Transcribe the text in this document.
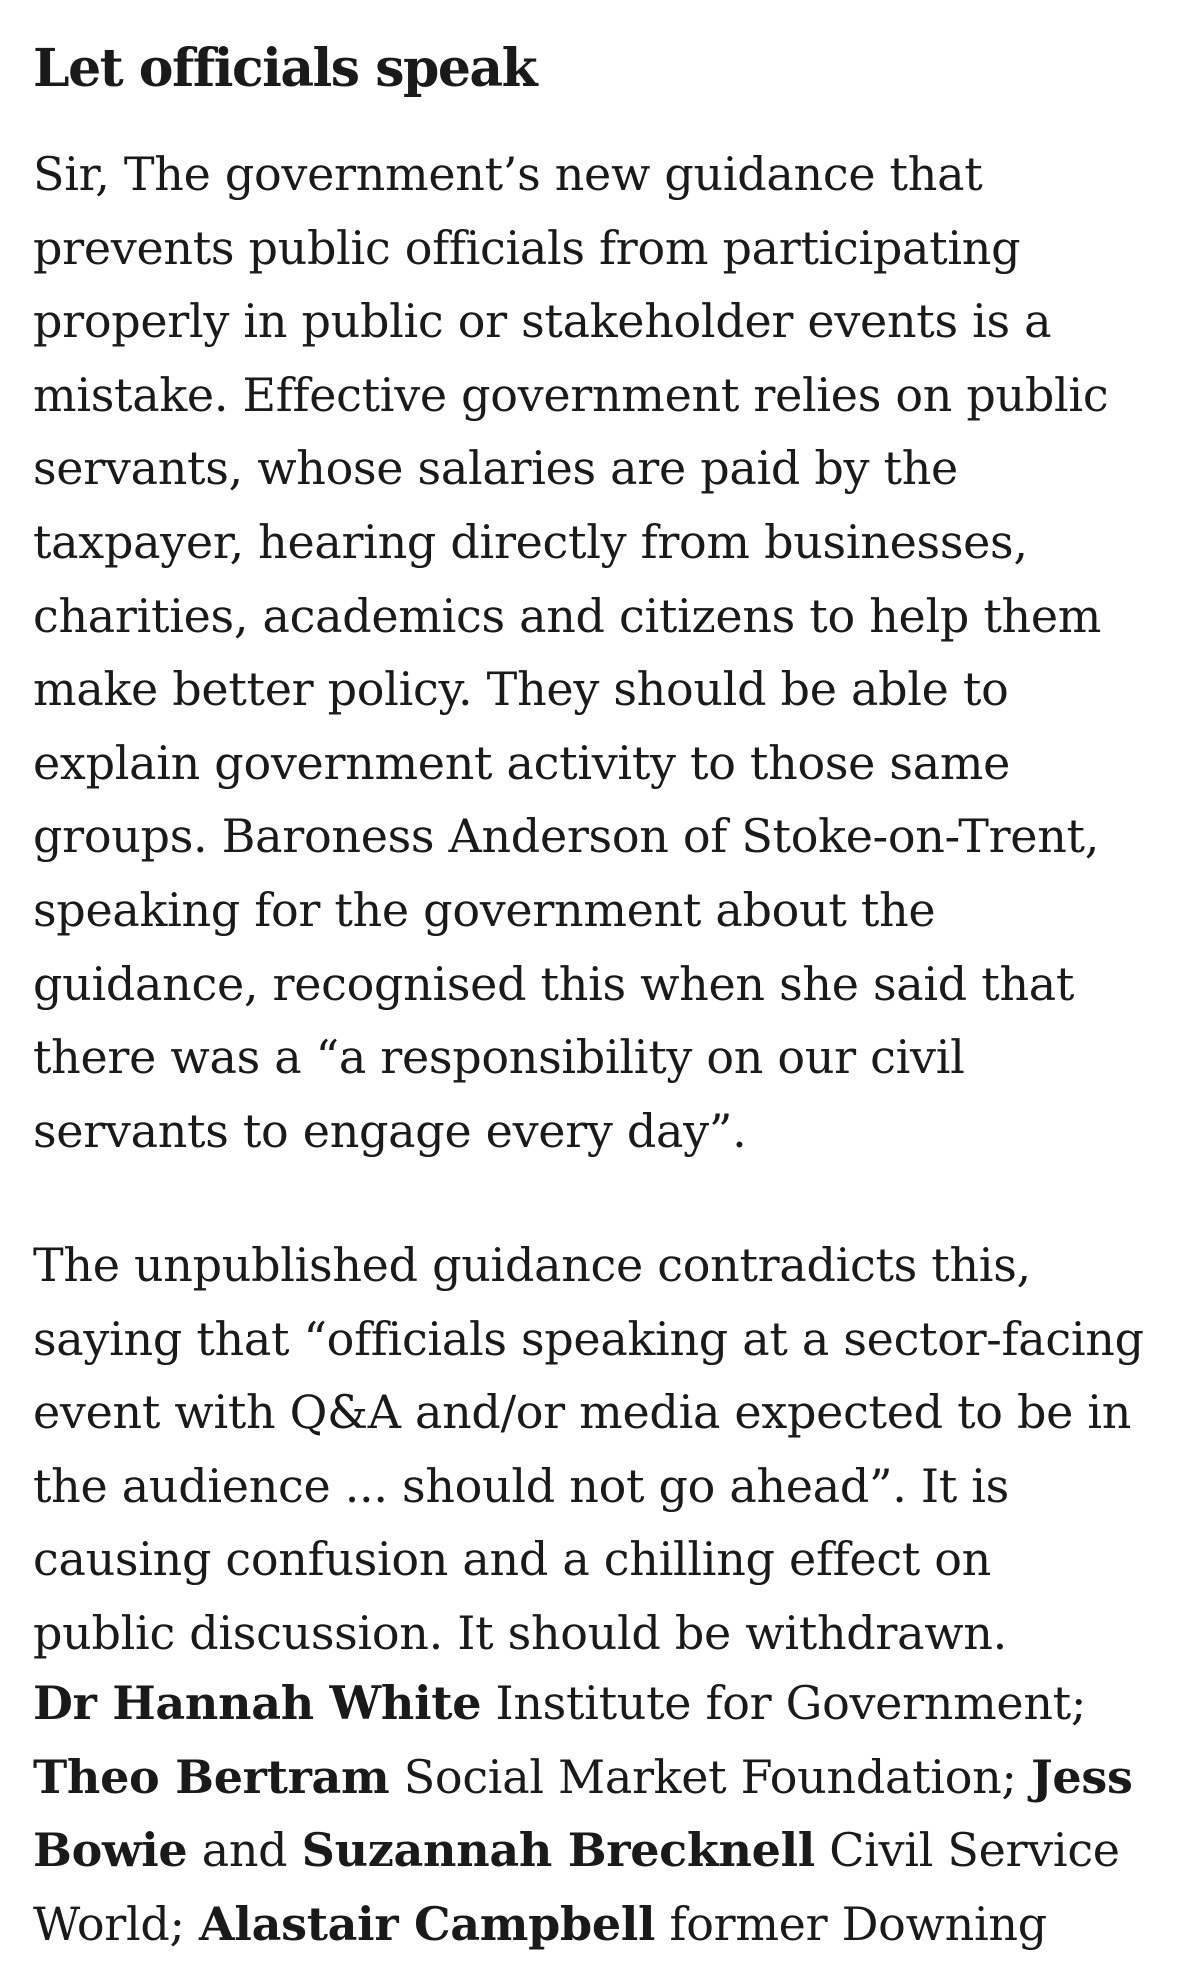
Let officials speak
Sir, The government’s new guidance that
prevents public officials from participating
properly in public or stakeholder events is a
mistake. Effective government relies on public
servants, whose salaries are paid by the
taxpayer, hearing directly from businesses,
charities, academics and citizens to help them
make better policy. They should be able to
explain government activity to those same
groups. Baroness Anderson of Stoke-on-Trent,
speaking for the government about the
guidance, recognised this when she said that
there was a “a responsibility on our civil
servants to engage every day”.
The unpublished guidance contradicts this,
saying that “officials speaking at a sector-facing
event with Q&A and/or media expected to be in
the audience ... should not go ahead”. It is
causing confusion and a chilling effect on
public discussion. It should be withdrawn.
Dr Hannah White Institute for Government;
Theo Bertram Social Market Foundation; Jess
Bowie and Suzannah Brecknell Civil Service
World; Alastair Campbell former Downing
